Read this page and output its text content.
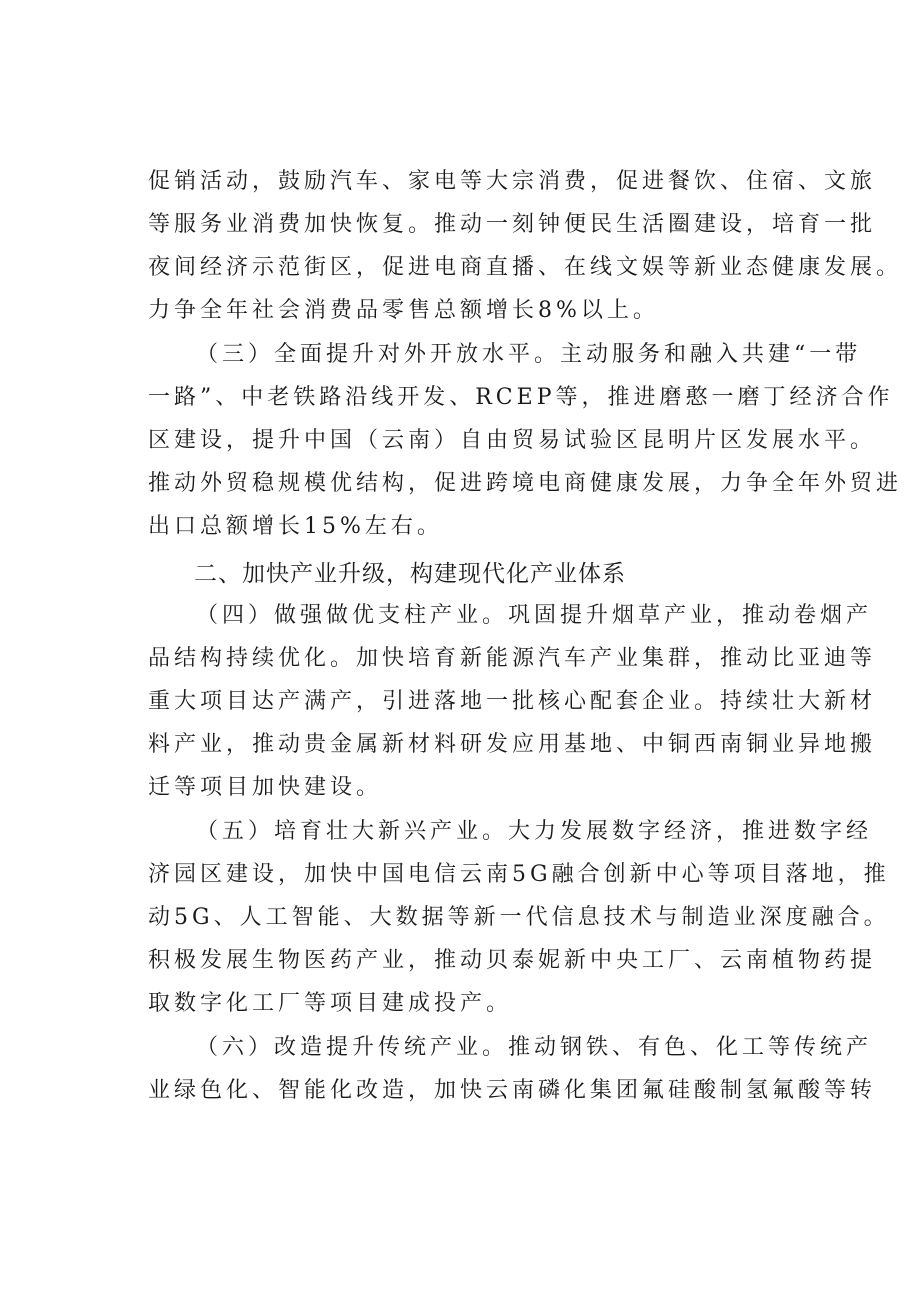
促销活动，鼓励汽车、家电等大宗消费，促进餐饮、住宿、文旅

等服务业消费加快恢复。推动一刻钟便民生活圈建设，培育一批

夜间经济示范街区，促进电商直播、在线文娱等新业态健康发展。

力争全年社会消费品零售总额增长8%以上。

（三）全面提升对外开放水平。主动服务和融入共建“一带

一路”、中老铁路沿线开发、RCEP等，推进磨憨一磨丁经济合作

区建设，提升中国（云南）自由贸易试验区昆明片区发展水平。

推动外贸稳规模优结构，促进跨境电商健康发展，力争全年外贸进

出口总额增长15%左右。

二、加快产业升级，构建现代化产业体系

（四）做强做优支柱产业。巩固提升烟草产业，推动卷烟产

品结构持续优化。加快培育新能源汽车产业集群，推动比亚迪等

重大项目达产满产，引进落地一批核心配套企业。持续壮大新材

料产业，推动贵金属新材料研发应用基地、中铜西南铜业异地搬

迁等项目加快建设。

（五）培育壮大新兴产业。大力发展数字经济，推进数字经

济园区建设，加快中国电信云南5G融合创新中心等项目落地，推

动5G、人工智能、大数据等新一代信息技术与制造业深度融合。

积极发展生物医药产业，推动贝泰妮新中央工厂、云南植物药提

取数字化工厂等项目建成投产。

（六）改造提升传统产业。推动钢铁、有色、化工等传统产

业绿色化、智能化改造，加快云南磷化集团氟硅酸制氢氟酸等转
